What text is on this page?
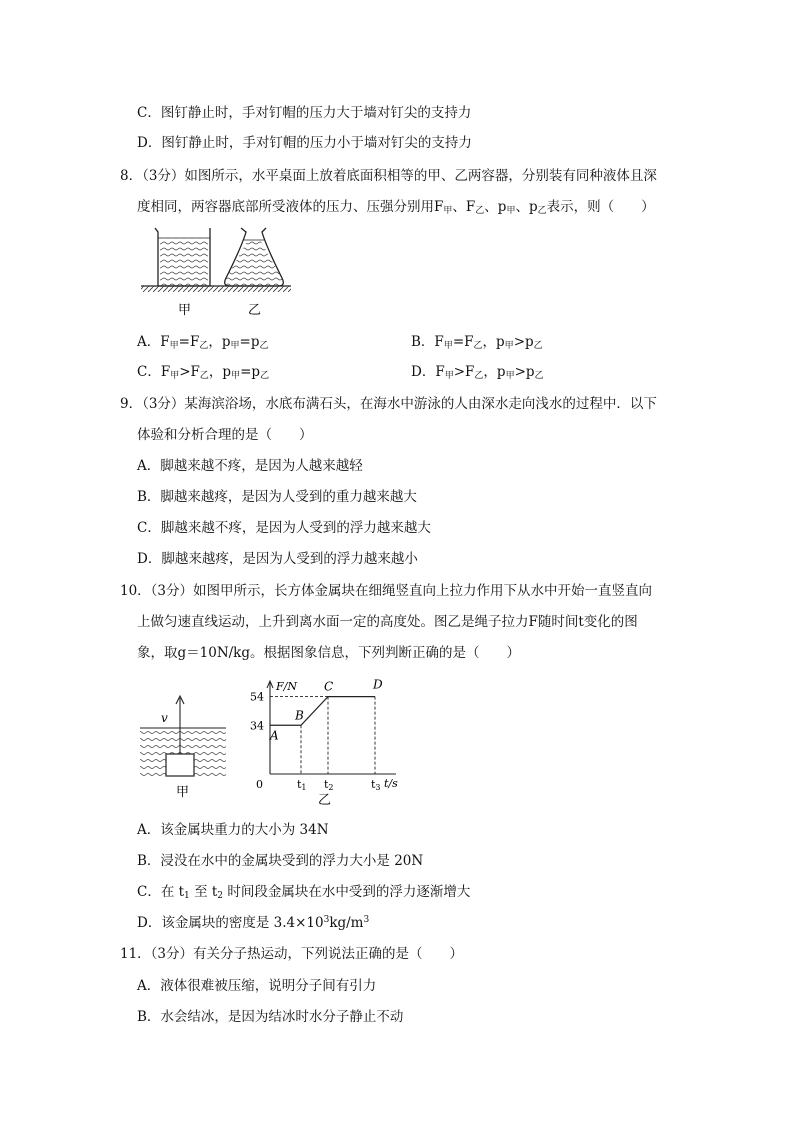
C．图钉静止时，手对钉帽的压力大于墙对钉尖的支持力
D．图钉静止时，手对钉帽的压力小于墙对钉尖的支持力
8．（3分）如图所示，水平桌面上放着底面积相等的甲、乙两容器，分别装有同种液体且深
度相同，两容器底部所受液体的压力、压强分别用$F_甲$、$F_乙$、$p_甲$、$p_乙$表示，则（　　）
甲	乙
A．$F_甲=F_乙$，$p_甲=p_乙$	B．$F_甲=F_乙$，$p_甲>p_乙$
C．$F_甲>F_乙$，$p_甲=p_乙$	D．$F_甲>F_乙$，$p_甲>p_乙$
9．（3分）某海滨浴场，水底布满石头，在海水中游泳的人由深水走向浅水的过程中．以下
体验和分析合理的是（　　）
A．脚越来越不疼，是因为人越来越轻
B．脚越来越疼，是因为人受到的重力越来越大
C．脚越来越不疼，是因为人受到的浮力越来越大
D．脚越来越疼，是因为人受到的浮力越来越小
10．（3分）如图甲所示，长方体金属块在细绳竖直向上拉力作用下从水中开始一直竖直向
上做匀速直线运动，上升到离水面一定的高度处。图乙是绳子拉力F随时间t变化的图
象，取g＝10N/kg。根据图象信息，下列判断正确的是（　　）
v
甲
F/N
t/s
0
乙
54
34
t1 t2	t3
A
B
C	D
A．该金属块重力的大小为 34N
B．浸没在水中的金属块受到的浮力大小是 20N
C．在 $t_1$ 至 $t_2$ 时间段金属块在水中受到的浮力逐渐增大
D．该金属块的密度是 $3.4\times 10^3kg/m^3$
11．（3分）有关分子热运动，下列说法正确的是（　　）
A．液体很难被压缩，说明分子间有引力
B．水会结冰，是因为结冰时水分子静止不动
